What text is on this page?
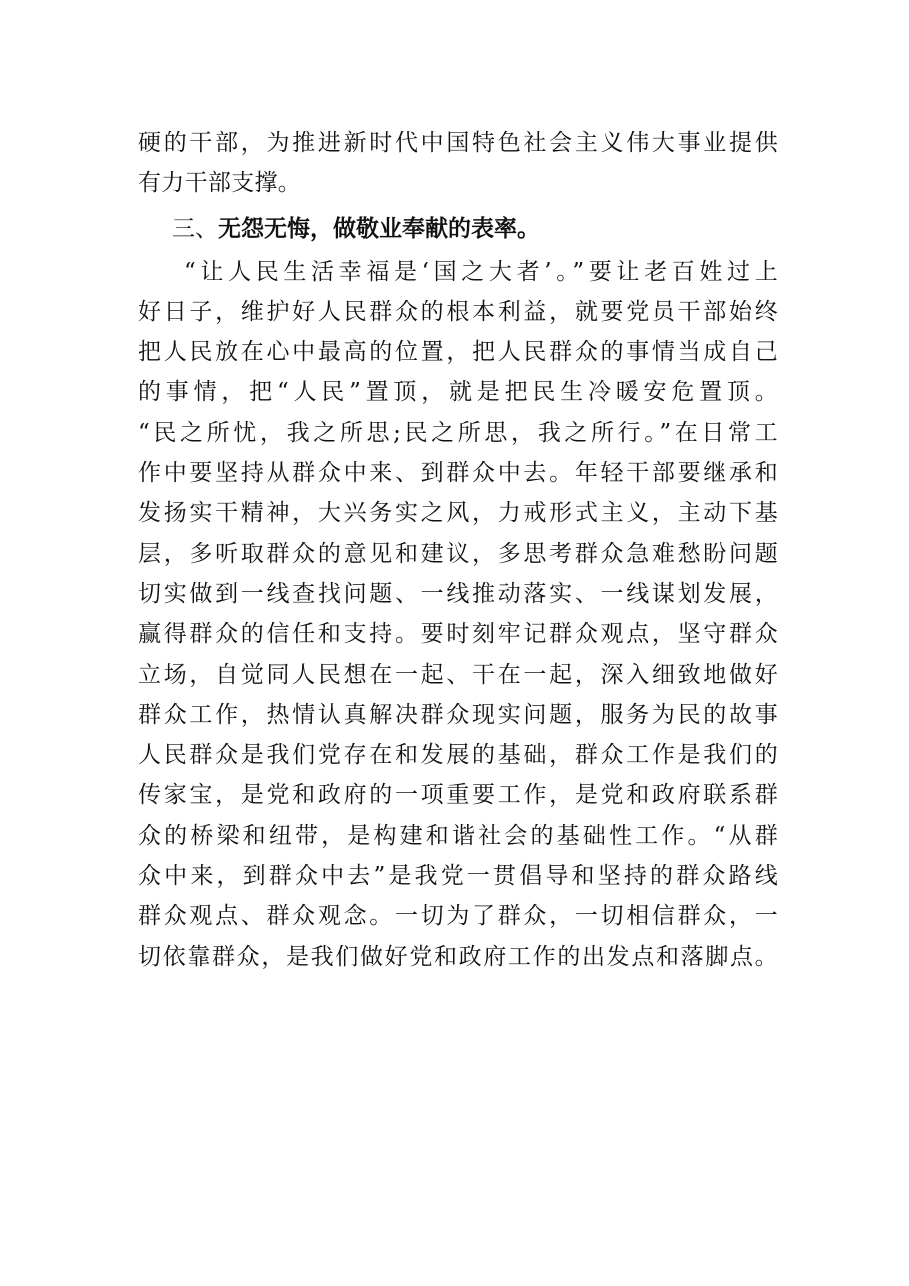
硬的干部，为推进新时代中国特色社会主义伟大事业提供
有力干部支撑。
三、无怨无悔，做敬业奉献的表率。
“让人民生活幸福是‘国之大者’。”要让老百姓过上
好日子，维护好人民群众的根本利益，就要党员干部始终
把人民放在心中最高的位置，把人民群众的事情当成自己
的事情，把“人民”置顶，就是把民生冷暖安危置顶。
“民之所忧，我之所思;民之所思，我之所行。”在日常工
作中要坚持从群众中来、到群众中去。年轻干部要继承和
发扬实干精神，大兴务实之风，力戒形式主义，主动下基
层，多听取群众的意见和建议，多思考群众急难愁盼问题
切实做到一线查找问题、一线推动落实、一线谋划发展，
赢得群众的信任和支持。要时刻牢记群众观点，坚守群众
立场，自觉同人民想在一起、干在一起，深入细致地做好
群众工作，热情认真解决群众现实问题，服务为民的故事
人民群众是我们党存在和发展的基础，群众工作是我们的
传家宝，是党和政府的一项重要工作，是党和政府联系群
众的桥梁和纽带，是构建和谐社会的基础性工作。“从群
众中来，到群众中去”是我党一贯倡导和坚持的群众路线
群众观点、群众观念。一切为了群众，一切相信群众，一
切依靠群众，是我们做好党和政府工作的出发点和落脚点。
